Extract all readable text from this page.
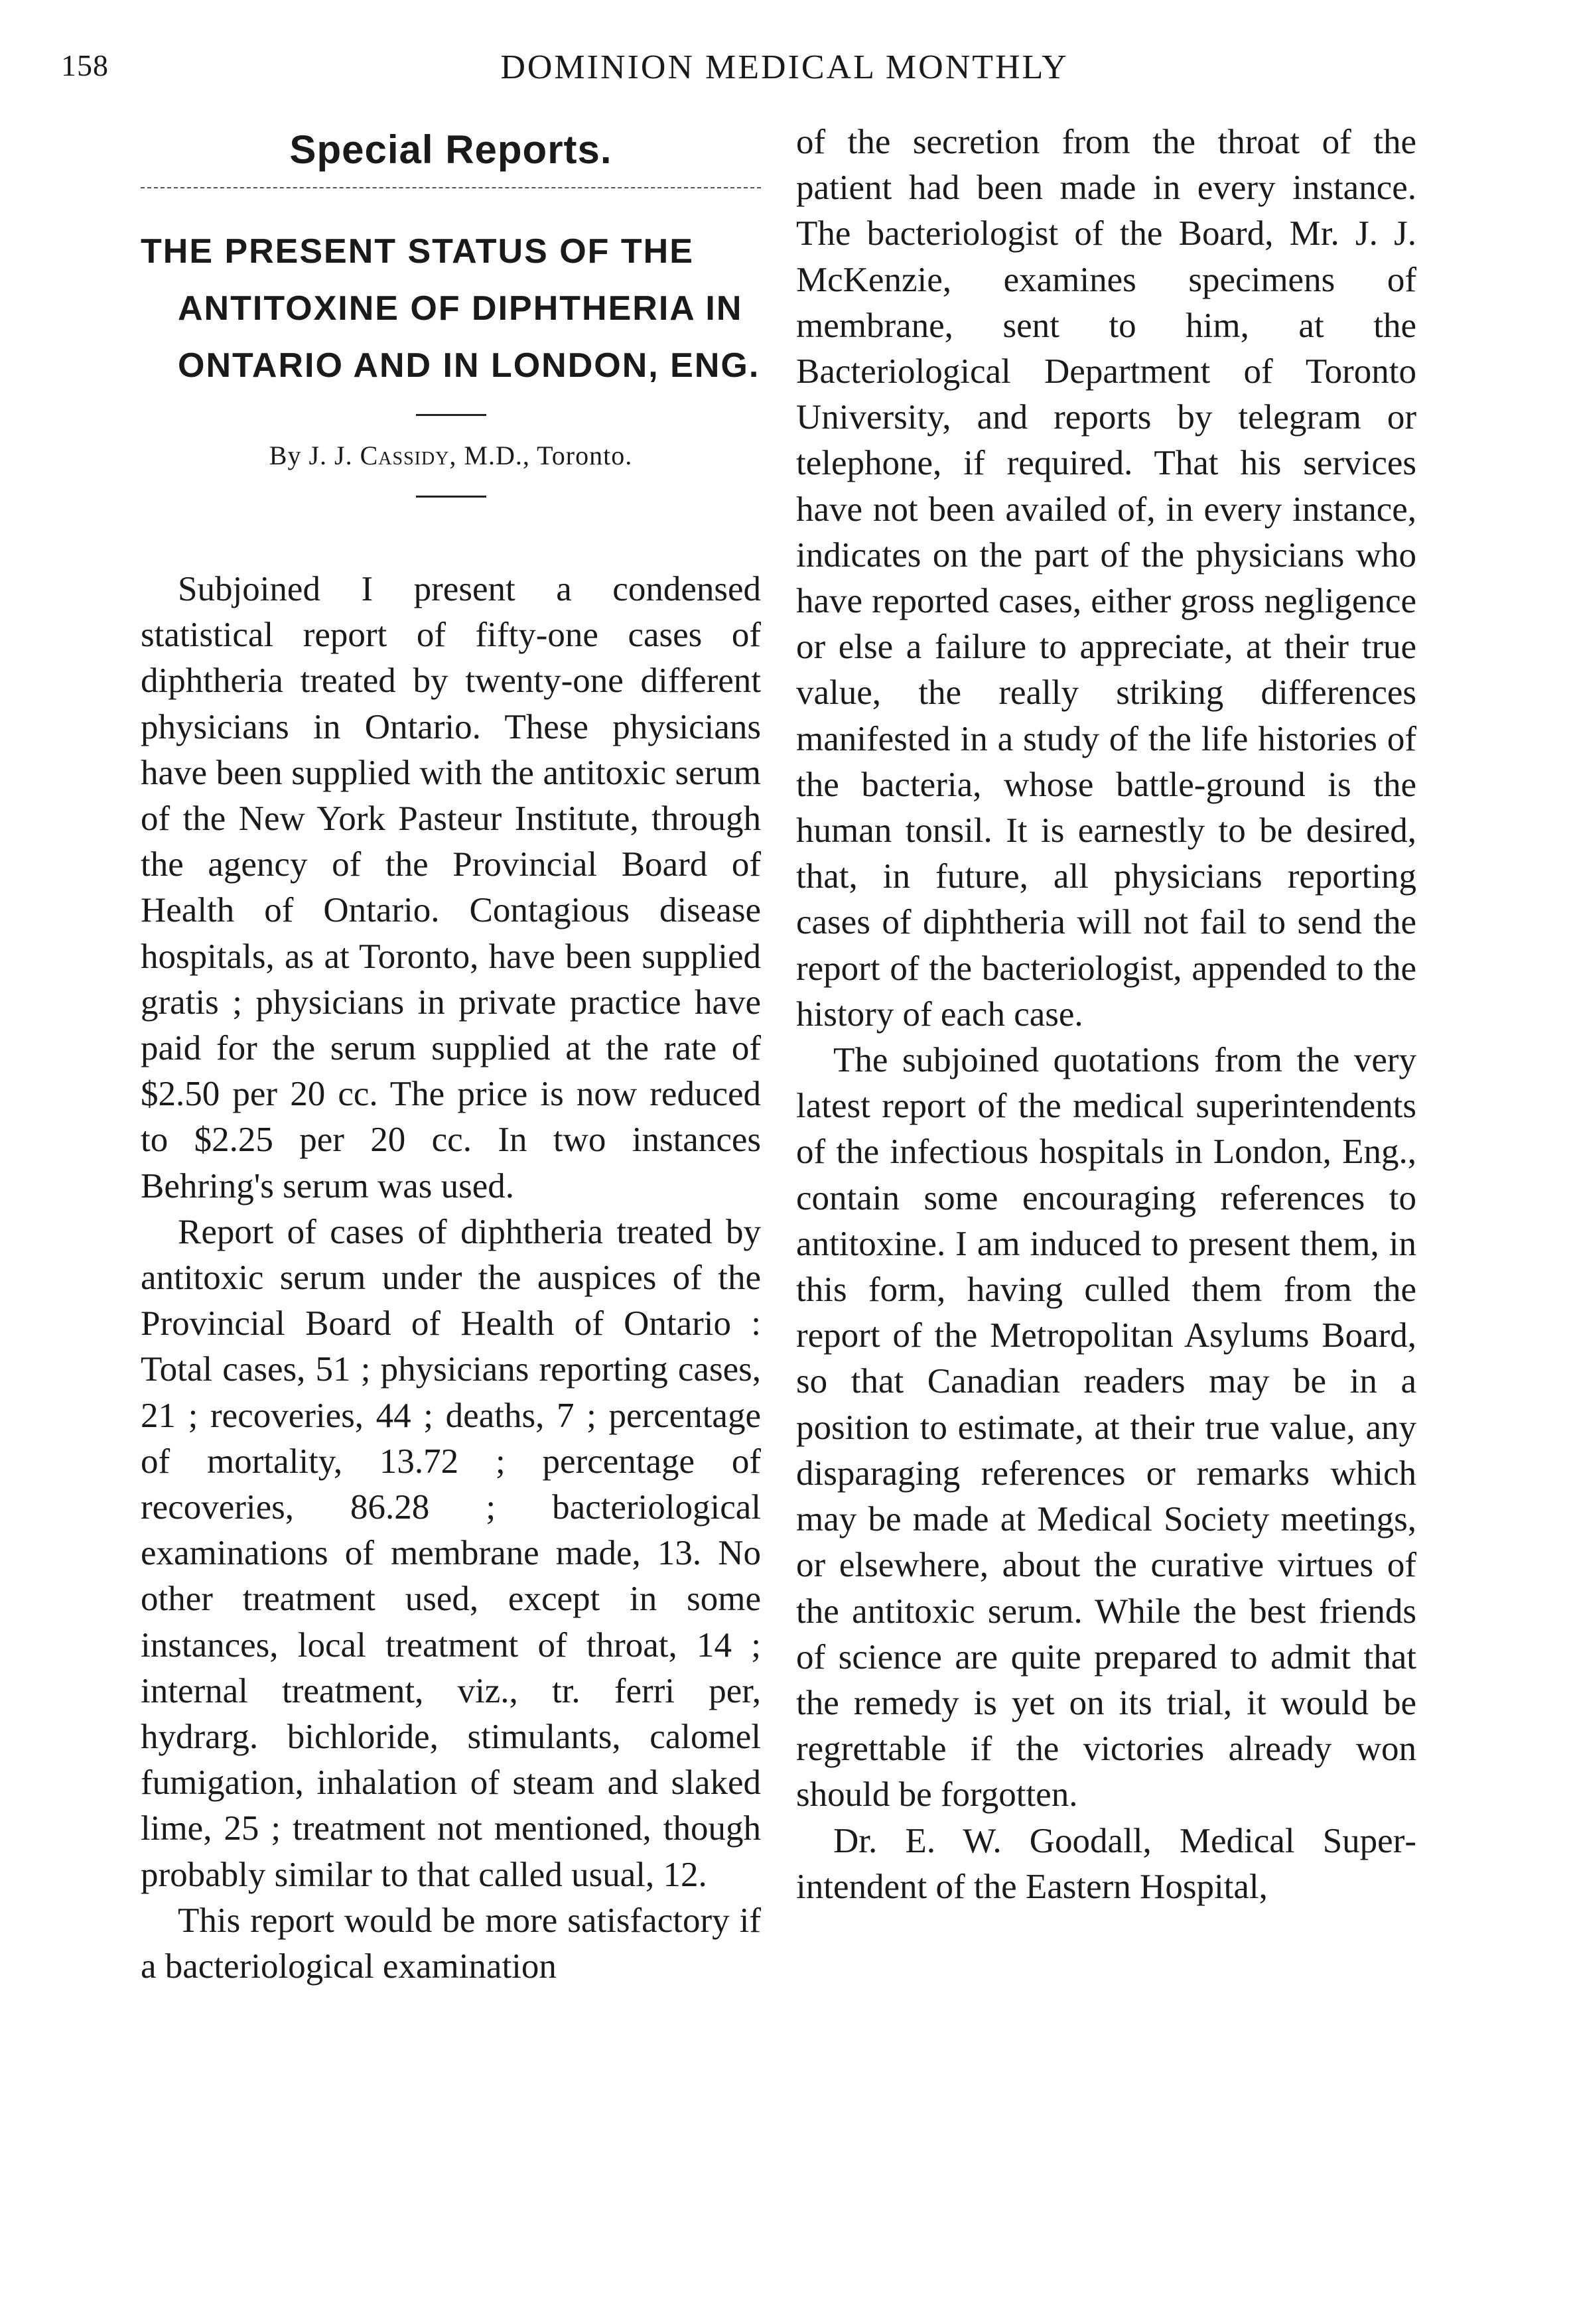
158	DOMINION MEDICAL MONTHLY
Special Reports.
THE PRESENT STATUS OF THE ANTITOXINE OF DIPHTHERIA IN ONTARIO AND IN LONDON, ENG.
By J. J. Cassidy, M.D., Toronto.

Subjoined I present a condensed statistical report of fifty-one cases of diphtheria treated by twenty-one different physicians in Ontario. These physicians have been supplied with the antitoxic serum of the New York Pasteur Institute, through the agency of the Provincial Board of Health of Ontario. Contagious disease hospitals, as at Toronto, have been supplied gratis ; physicians in private practice have paid for the serum supplied at the rate of $2.50 per 20 cc. The price is now reduced to $2.25 per 20 cc. In two instances Behring's serum was used.

Report of cases of diphtheria treated by antitoxic serum under the auspices of the Provincial Board of Health of Ontario : Total cases, 51 ; physicians reporting cases, 21 ; recoveries, 44 ; deaths, 7 ; percentage of mortality, 13.72 ; percentage of recoveries, 86.28 ; bacteriological examinations of membrane made, 13. No other treatment used, except in some instances, local treatment of throat, 14 ; internal treatment, viz., tr. ferri per, hydrarg. bichloride, stimulants, calomel fumigation, inhalation of steam and slaked lime, 25 ; treatment not mentioned, though probably similar to that called usual, 12.

This report would be more satisfactory if a bacteriological examination

of the secretion from the throat of the patient had been made in every instance. The bacteriologist of the Board, Mr. J. J. McKenzie, examines specimens of membrane, sent to him, at the Bacteriological Department of Toronto University, and reports by telegram or telephone, if required. That his services have not been availed of, in every instance, indicates on the part of the physicians who have reported cases, either gross negligence or else a failure to appreciate, at their true value, the really striking differences manifested in a study of the life histories of the bacteria, whose battle-ground is the human tonsil. It is earnestly to be desired, that, in future, all physicians reporting cases of diphtheria will not fail to send the report of the bacteriologist, appended to the history of each case.

The subjoined quotations from the very latest report of the medical superintendents of the infectious hospitals in London, Eng., contain some encouraging references to antitoxine. I am induced to present them, in this form, having culled them from the report of the Metropolitan Asylums Board, so that Canadian readers may be in a position to estimate, at their true value, any disparaging references or remarks which may be made at Medical Society meetings, or elsewhere, about the curative virtues of the antitoxic serum. While the best friends of science are quite prepared to admit that the remedy is yet on its trial, it would be regrettable if the victories already won should be forgotten.

Dr. E. W. Goodall, Medical Superintendent of the Eastern Hospital,
